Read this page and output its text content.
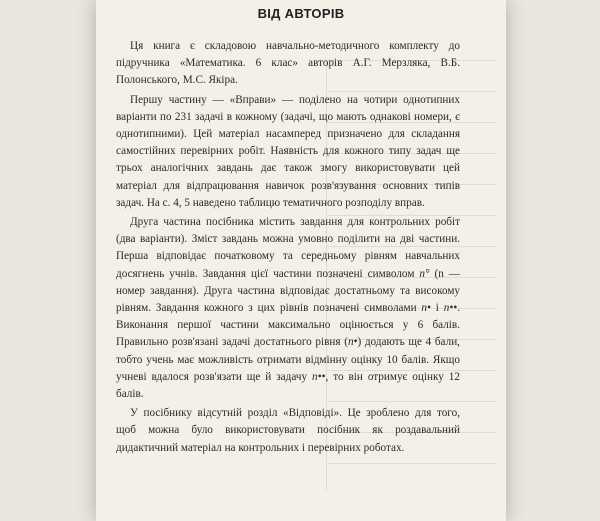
ВІД АВТОРІВ

Ця книга є складовою навчально-методичного комплекту до підручника «Математика. 6 клас» авторів А.Г. Мерзляка, В.Б. Полонського, М.С. Якіра.

Першу частину — «Вправи» — поділено на чотири однотипних варіанти по 231 задачі в кожному (задачі, що мають однакові номери, є однотипними). Цей матеріал насамперед призначено для складання самостійних перевірних робіт. Наявність для кожного типу задач ще трьох аналогічних завдань дає також змогу використовувати цей матеріал для відпрацювання навичок розв'язування основних типів задач. На с. 4, 5 наведено таблицю тематичного розподілу вправ.

Друга частина посібника містить завдання для контрольних робіт (два варіанти). Зміст завдань можна умовно поділити на дві частини. Перша відповідає початковому та середньому рівням навчальних досягнень учнів. Завдання цієї частини позначені символом n° (n — номер завдання). Друга частина відповідає достатньому та високому рівням. Завдання кожного з цих рівнів позначені символами n• і n••. Виконання першої частини максимально оцінюється у 6 балів. Правильно розв'язані задачі достатнього рівня (n•) додають ще 4 бали, тобто учень має можливість отримати відмінну оцінку 10 балів. Якщо учневі вдалося розв'язати ще й задачу n••, то він отримує оцінку 12 балів.

У посібнику відсутній розділ «Відповіді». Це зроблено для того, щоб можна було використовувати посібник як роздавальний дидактичний матеріал на контрольних і перевірних роботах.
